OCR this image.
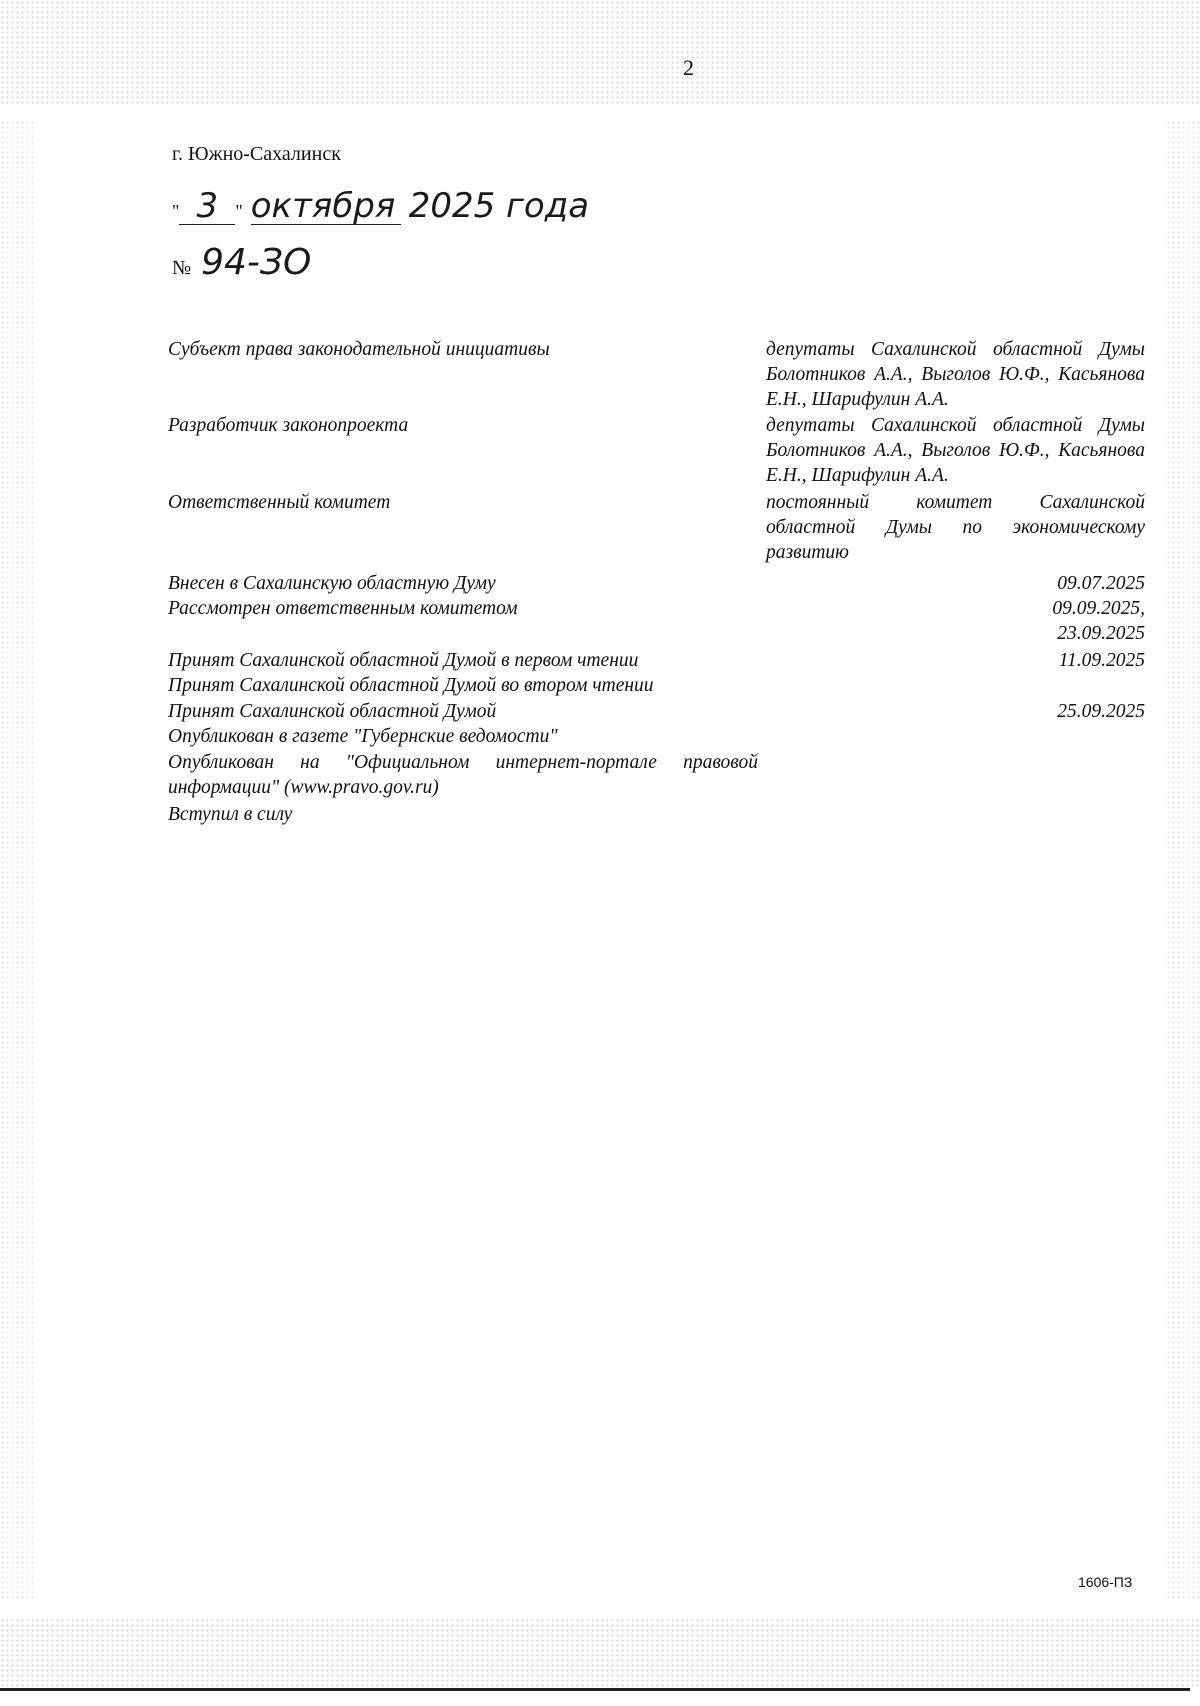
2
г. Южно-Сахалинск
" 3 " октября 2025 года
№ 94-ЗО
Субъект права законодательной инициативы	депутаты Сахалинской областной Думы Болотников А.А., Выголов Ю.Ф., Касьянова Е.Н., Шарифулин А.А.
Разработчик законопроекта	депутаты Сахалинской областной Думы Болотников А.А., Выголов Ю.Ф., Касьянова Е.Н., Шарифулин А.А.
Ответственный комитет	постоянный комитет Сахалинской областной Думы по экономическому развитию
Внесен в Сахалинскую областную Думу	09.07.2025
Рассмотрен ответственным комитетом	09.09.2025, 23.09.2025
Принят Сахалинской областной Думой в первом чтении	11.09.2025
Принят Сахалинской областной Думой во втором чтении
Принят Сахалинской областной Думой	25.09.2025
Опубликован в газете "Губернские ведомости"
Опубликован на "Официальном интернет-портале правовой информации" (www.pravo.gov.ru)
Вступил в силу
1606-ПЗ
